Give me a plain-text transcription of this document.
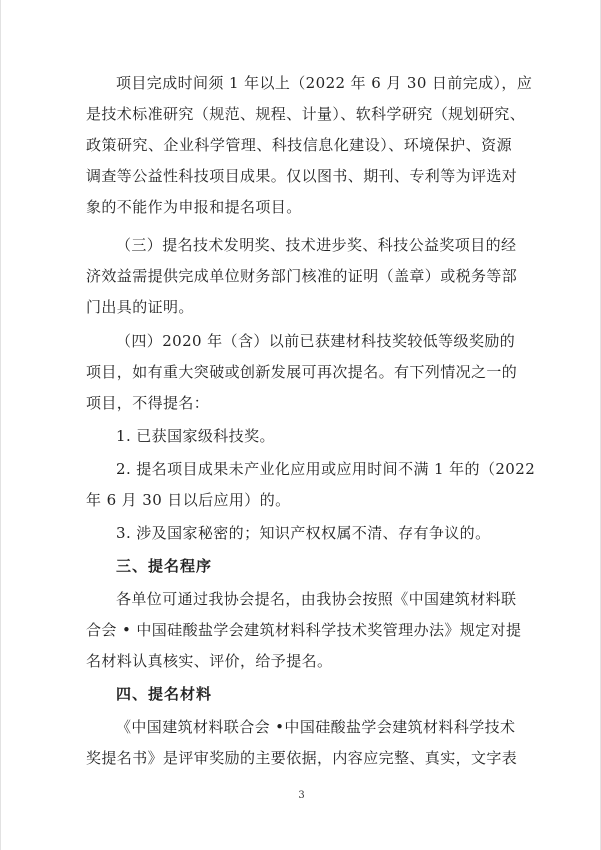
项目完成时间须 1 年以上（2022 年 6 月 30 日前完成），应
是技术标准研究（规范、规程、计量）、软科学研究（规划研究、
政策研究、企业科学管理、科技信息化建设）、环境保护、资源
调查等公益性科技项目成果。仅以图书、期刊、专利等为评选对
象的不能作为申报和提名项目。
（三）提名技术发明奖、技术进步奖、科技公益奖项目的经
济效益需提供完成单位财务部门核准的证明（盖章）或税务等部
门出具的证明。
（四）2020 年（含）以前已获建材科技奖较低等级奖励的
项目，如有重大突破或创新发展可再次提名。有下列情况之一的
项目，不得提名：
1. 已获国家级科技奖。
2. 提名项目成果未产业化应用或应用时间不满 1 年的（2022
年 6 月 30 日以后应用）的。
3. 涉及国家秘密的；知识产权权属不清、存有争议的。
三、提名程序
各单位可通过我协会提名，由我协会按照《中国建筑材料联
合会 • 中国硅酸盐学会建筑材料科学技术奖管理办法》规定对提
名材料认真核实、评价，给予提名。
四、提名材料
《中国建筑材料联合会 •中国硅酸盐学会建筑材料科学技术
奖提名书》是评审奖励的主要依据，内容应完整、真实，文字表
3
